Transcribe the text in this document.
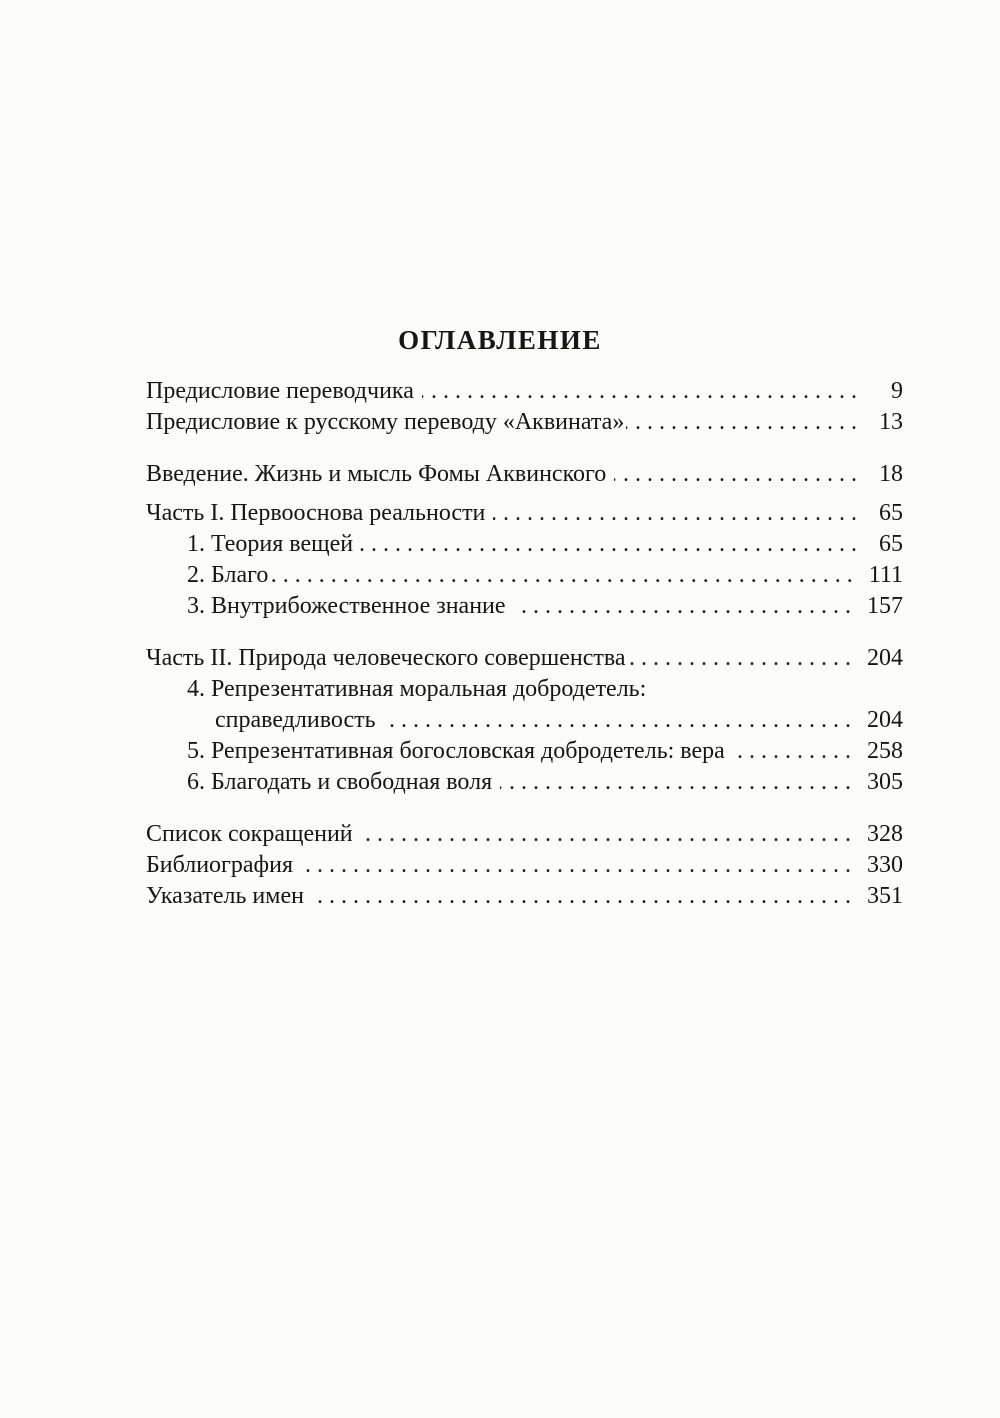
ОГЛАВЛЕНИЕ
Предисловие переводчика .....	9
Предисловие к русскому переводу «Аквината» .....	13
Введение. Жизнь и мысль Фомы Аквинского .....	18
Часть I. Первооснова реальности .....	65
1. Теория вещей .....	65
2. Благо .....	111
3. Внутрибожественное знание .....	157
Часть II. Природа человеческого совершенства .....	204
4. Репрезентативная моральная добродетель:
справедливость .....	204
5. Репрезентативная богословская добродетель: вера .....	258
6. Благодать и свободная воля .....	305
Список сокращений .....	328
Библиография .....	330
Указатель имен .....	351
